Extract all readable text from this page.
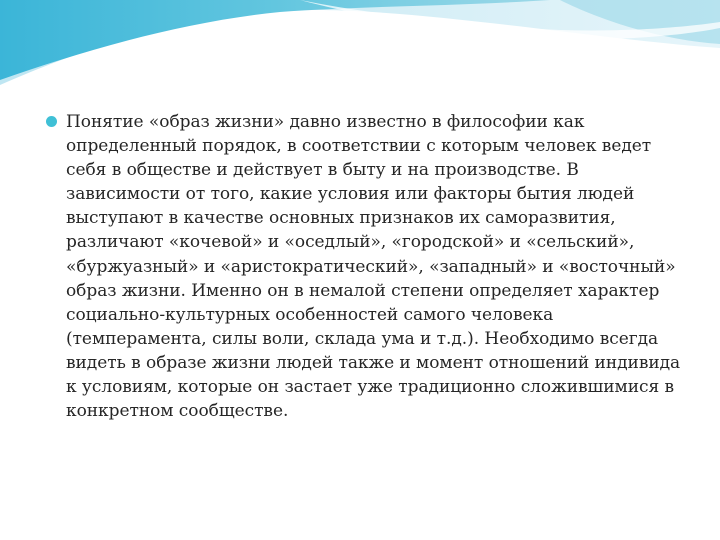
Понятие «образ жизни» давно известно в философии как определенный порядок, в соответствии с которым человек ведет себя в обществе и действует в быту и на производстве. В зависимости от того, какие условия или факторы бытия людей выступают в качестве основных признаков их саморазвития, различают «кочевой» и «оседлый», «городской» и «сельский», «буржуазный» и «аристократический», «западный» и «восточный» образ жизни. Именно он в немалой степени определяет характер социально-культурных особенностей самого человека (темперамента, силы воли, склада ума и т.д.). Необходимо всегда видеть в образе жизни людей также и момент отношений индивида к условиям, которые он застает уже традиционно сложившимися в конкретном сообществе.
